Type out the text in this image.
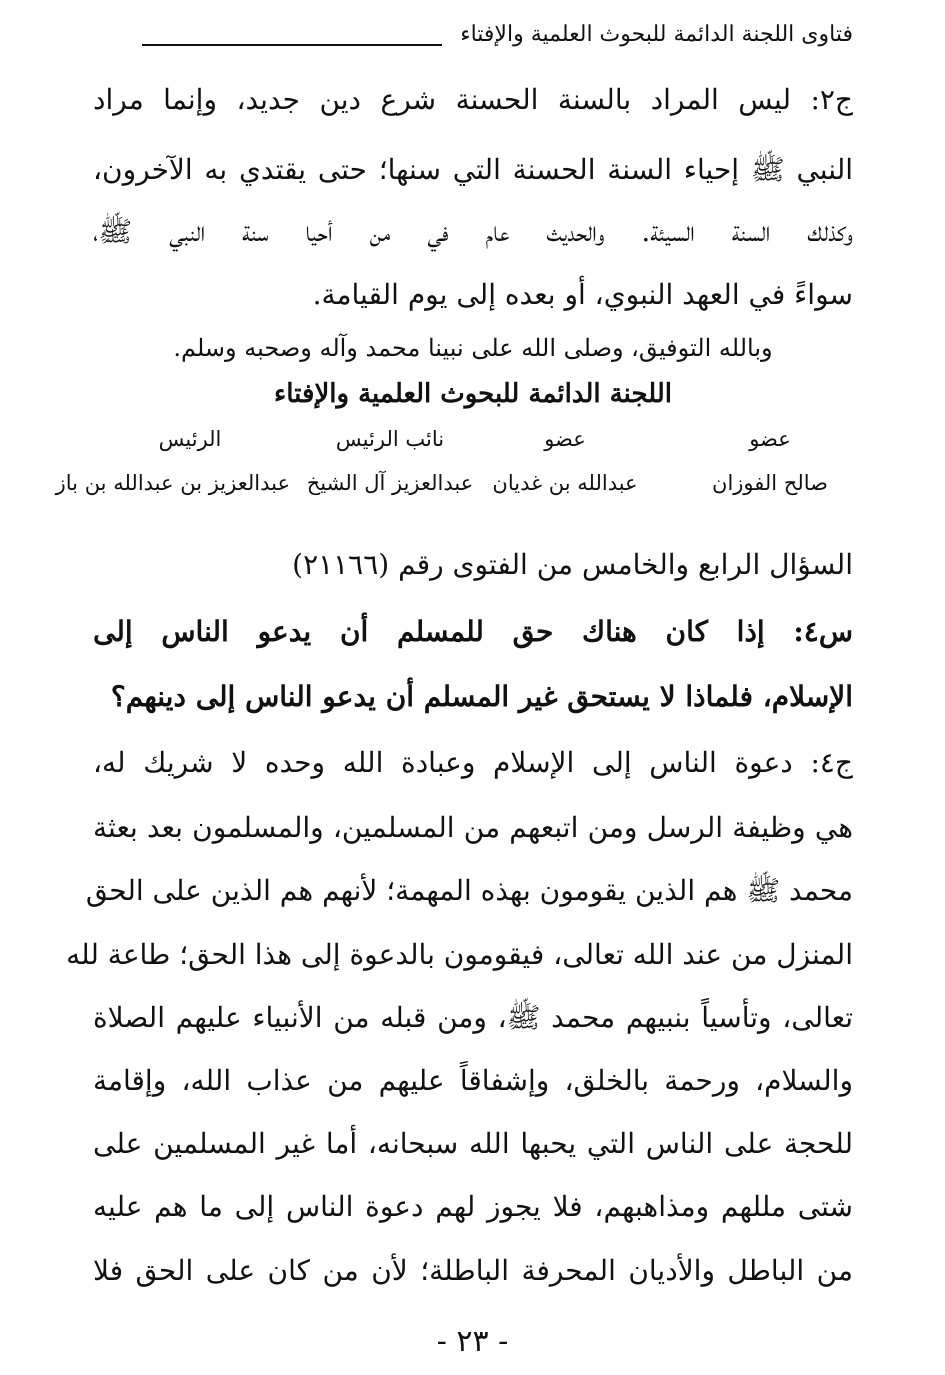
فتاوى اللجنة الدائمة للبحوث العلمية والإفتاء
ج٢: ليس المراد بالسنة الحسنة شرع دين جديد، وإنما مراد
النبي ﷺ إحياء السنة الحسنة التي سنها؛ حتى يقتدي به الآخرون،
وكذلك السنة السيئة. والحديث عام في من أحيا سنة النبي ﷺ،
سواءً في العهد النبوي، أو بعده إلى يوم القيامة.
وبالله التوفيق، وصلى الله على نبينا محمد وآله وصحبه وسلم.
اللجنة الدائمة للبحوث العلمية والإفتاء
عضو
عضو
نائب الرئيس
الرئيس
صالح الفوزان
عبدالله بن غديان
عبدالعزيز آل الشيخ
عبدالعزيز بن عبدالله بن باز
السؤال الرابع والخامس من الفتوى رقم (٢١١٦٦)
س٤: إذا كان هناك حق للمسلم أن يدعو الناس إلى
الإسلام، فلماذا لا يستحق غير المسلم أن يدعو الناس إلى دينهم؟
ج٤: دعوة الناس إلى الإسلام وعبادة الله وحده لا شريك له،
هي وظيفة الرسل ومن اتبعهم من المسلمين، والمسلمون بعد بعثة
محمد ﷺ هم الذين يقومون بهذه المهمة؛ لأنهم هم الذين على الحق
المنزل من عند الله تعالى، فيقومون بالدعوة إلى هذا الحق؛ طاعة لله
تعالى، وتأسياً بنبيهم محمد ﷺ، ومن قبله من الأنبياء عليهم الصلاة
والسلام، ورحمة بالخلق، وإشفاقاً عليهم من عذاب الله، وإقامة
للحجة على الناس التي يحبها الله سبحانه، أما غير المسلمين على
شتى مللهم ومذاهبهم، فلا يجوز لهم دعوة الناس إلى ما هم عليه
من الباطل والأديان المحرفة الباطلة؛ لأن من كان على الحق فلا
- ٢٣ -
